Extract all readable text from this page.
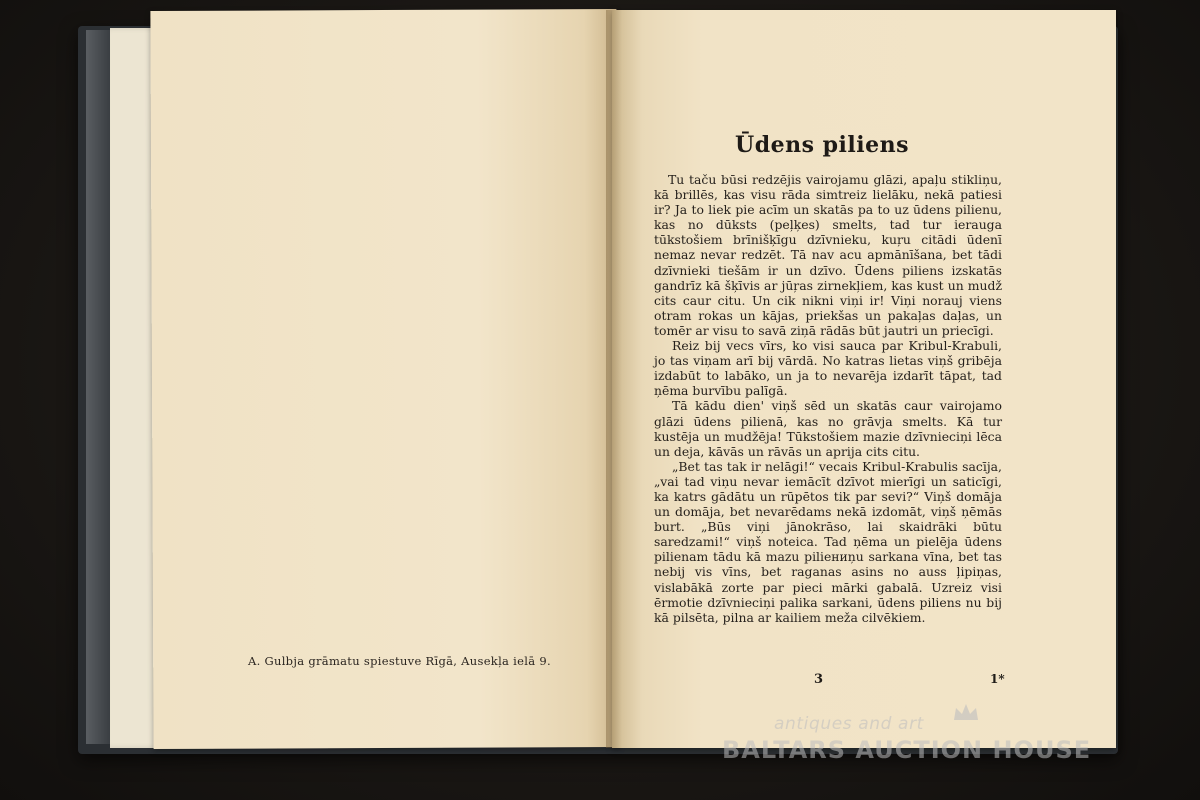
A. Gulbja grāmatu spiestuve Rīgā, Ausekļa ielā 9.
Ūdens piliens

Tu taču būsi redzējis vairojamu glāzi, apaļu stikliņu, kā brillēs, kas visu rāda simtreiz lielāku, nekā patiesi ir? Ja to liek pie acīm un skatās pa to uz ūdens pilienu, kas no dūksts (peļķes) smelts, tad tur ierauga tūkstošiem brīnišķīgu dzīvnieku, kuŗu citādi ūdenī nemaz nevar redzēt. Tā nav acu apmānīšana, bet tādi dzīvnieki tiešām ir un dzīvo. Ūdens piliens izskatās gandrīz kā šķīvis ar jūŗas zirnekļiem, kas kust un mudž cits caur citu. Un cik nikni viņi ir! Viņi norauj viens otram rokas un kājas, priekšas un pakaļas daļas, un tomēr ar visu to savā ziņā rādās būt jautri un priecīgi.

Reiz bij vecs vīrs, ko visi sauca par Kribul-Krabuli, jo tas viņam arī bij vārdā. No katras lietas viņš gribēja izdabūt to labāko, un ja to nevarēja izdarīt tāpat, tad ņēma burvību palīgā.

Tā kādu dien' viņš sēd un skatās caur vairojamo glāzi ūdens pilienā, kas no grāvja smelts. Kā tur kustēja un mudžēja! Tūkstošiem mazie dzīvnieciņi lēca un deja, kāvās un rāvās un aprija cits citu.

„Bet tas tak ir nelāgi!“ vecais Kribul-Krabulis sacīja, „vai tad viņu nevar iemācīt dzīvot mierīgi un saticīgi, ka katrs gādātu un rūpētos tik par sevi?“ Viņš domāja un domāja, bet nevarēdams nekā izdomāt, viņš ņēmās burt. „Būs viņi jānokrāso, lai skaidrāki būtu saredzami!“ viņš noteica. Tad ņēma un pielēja ūdens pilienam tādu kā mazu piliениņu sarkana vīna, bet tas nebij vis vīns, bet raganas asins no auss ļipiņas, vislabākā zorte par pieci mārki gabalā. Uzreiz visi ērmotie dzīvnieciņi palika sarkani, ūdens piliens nu bij kā pilsēta, pilna ar kailiem meža cilvēkiem.

3	1*
antiques and art
BALTARS AUCTION HOUSE
